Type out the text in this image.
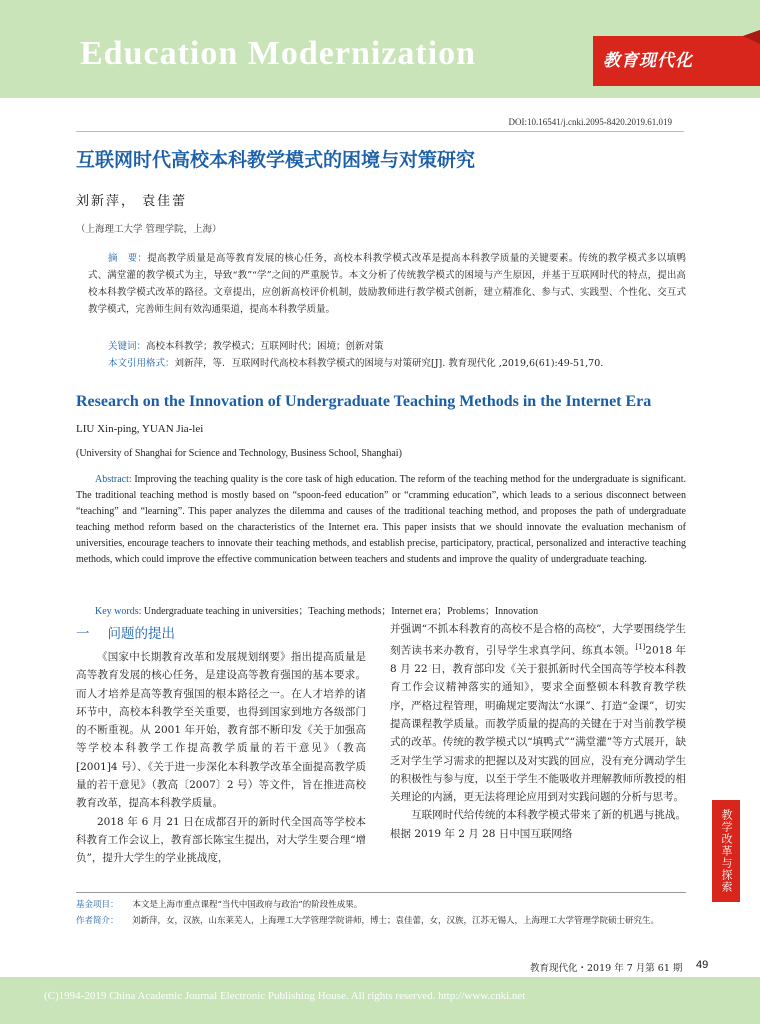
Education Modernization	教育现代化
DOI:10.16541/j.cnki.2095-8420.2019.61.019
互联网时代高校本科教学模式的困境与对策研究
刘新萍， 袁佳蕾
（上海理工大学 管理学院，上海）
摘　要：提高教学质量是高等教育发展的核心任务，高校本科教学模式改革是提高本科教学质量的关键要素。传统的教学模式多以填鸭式、满堂灌的教学模式为主，导致“教”“学”之间的严重脱节。本文分析了传统教学模式的困境与产生原因，并基于互联网时代的特点，提出高校本科教学模式改革的路径。文章提出，应创新高校评价机制，鼓励教师进行教学模式创新，建立精准化、参与式、实践型、个性化、交互式教学模式，完善师生间有效沟通渠道，提高本科教学质量。
关键词：高校本科教学；教学模式；互联网时代；困境；创新对策
本文引用格式：刘新萍，等．互联网时代高校本科教学模式的困境与对策研究[J]. 教育现代化 ,2019,6(61):49-51,70.
Research on the Innovation of Undergraduate Teaching Methods in the Internet Era
LIU Xin-ping, YUAN Jia-lei
(University of Shanghai for Science and Technology, Business School, Shanghai)
Abstract: Improving the teaching quality is the core task of high education. The reform of the teaching method for the undergraduate is significant. The traditional teaching method is mostly based on “spoon-feed education” or “cramming education”, which leads to a serious disconnect between “teaching” and “learning”. This paper analyzes the dilemma and causes of the traditional teaching method, and proposes the path of undergraduate teaching method reform based on the characteristics of the Internet era. This paper insists that we should innovate the evaluation mechanism of universities, encourage teachers to innovate their teaching methods, and establish precise, participatory, practical, personalized and interactive teaching methods, which could improve the effective communication between teachers and students and improve the quality of undergraduate teaching.
Key words: Undergraduate teaching in universities；Teaching methods；Internet era；Problems；Innovation
一 问题的提出

《国家中长期教育改革和发展规划纲要》指出提高质量是高等教育发展的核心任务，是建设高等教育强国的基本要求。而人才培养是高等教育强国的根本路径之一。在人才培养的诸环节中，高校本科教学至关重要，也得到国家到地方各级部门的不断重视。从 2001 年开始，教育部不断印发《关于加强高等学校本科教学工作提高教学质量的若干意见》（教高 [2001]4 号）、《关于进一步深化本科教学改革全面提高教学质量的若干意见》（教高〔2007〕2 号）等文件，旨在推进高校教育改革，提高本科教学质量。

2018 年 6 月 21 日在成都召开的新时代全国高等学校本科教育工作会议上，教育部长陈宝生提出，对大学生要合理“增负”，提升大学生的学业挑战度，

并强调“不抓本科教育的高校不是合格的高校”，大学要围绕学生刻苦读书来办教育，引导学生求真学问、练真本领。[1]2018 年 8 月 22 日，教育部印发《关于狠抓新时代全国高等学校本科教育工作会议精神落实的通知》，要求全面整顿本科教育教学秩序，严格过程管理，明确规定要淘汰“水课”、打造“金课”，切实提高课程教学质量。而教学质量的提高的关键在于对当前教学模式的改革。传统的教学模式以“填鸭式”“满堂灌”等方式展开，缺乏对学生学习需求的把握以及对实践的回应，没有充分调动学生的积极性与参与度，以至于学生不能吸收并理解教师所教授的相关理论的内涵，更无法将理论应用到对实践问题的分析与思考。

互联网时代给传统的本科教学模式带来了新的机遇与挑战。根据 2019 年 2 月 28 日中国互联网络	教学改革与探索
基金项目： 本文是上海市重点课程“当代中国政府与政治”的阶段性成果。
作者简介： 刘新萍，女，汉族，山东莱芜人，上海理工大学管理学院讲师，博士；袁佳蕾，女，汉族，江苏无锡人，上海理工大学管理学院硕士研究生。
教育现代化・2019 年 7 月第 61 期 49
(C)1994-2019 China Academic Journal Electronic Publishing House. All rights reserved. http://www.cnki.net
